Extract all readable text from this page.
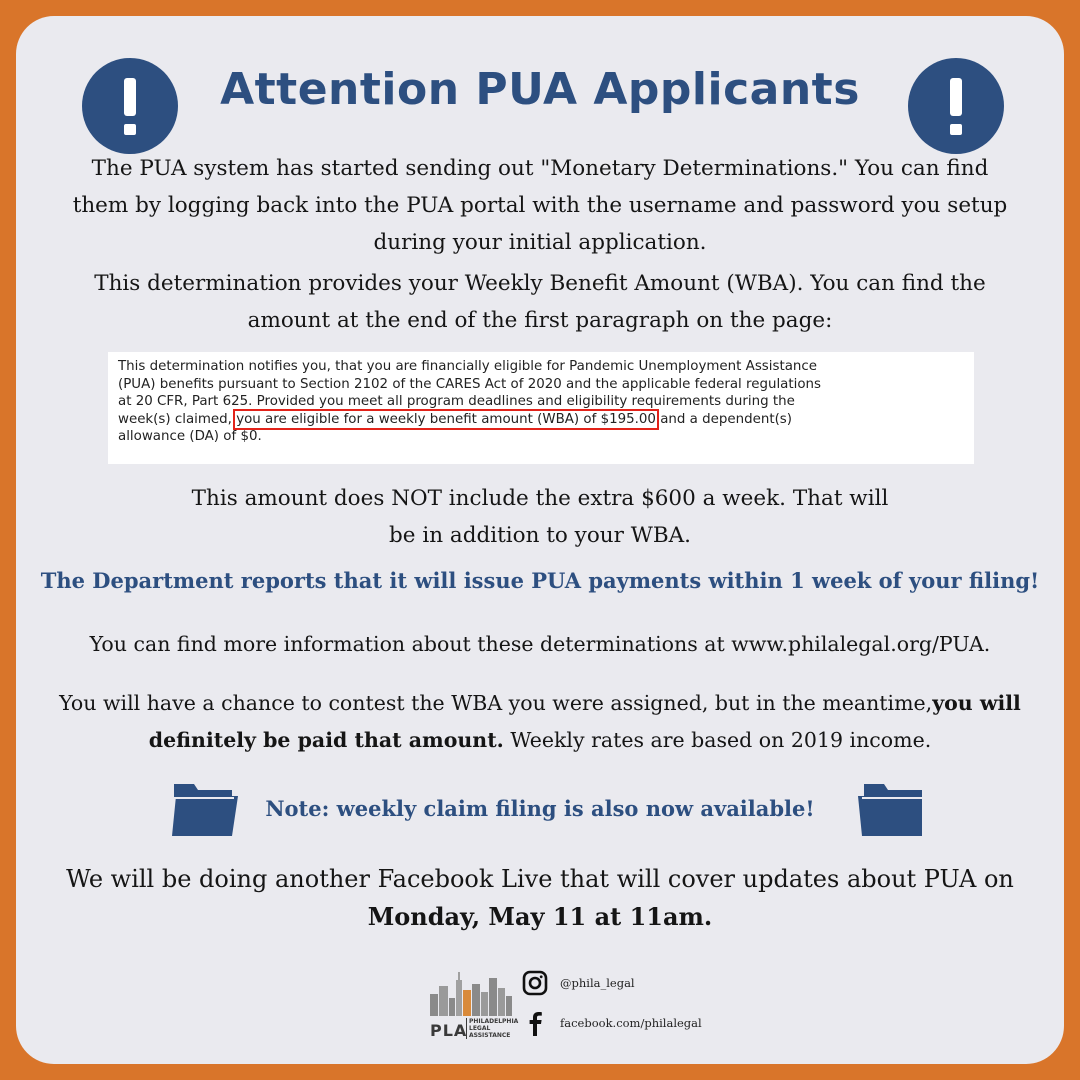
Attention PUA Applicants
The PUA system has started sending out "Monetary Determinations." You can find
them by logging back into the PUA portal with the username and password you setup
during your initial application.
This determination provides your Weekly Benefit Amount (WBA). You can find the
amount at the end of the first paragraph on the page:
This determination notifies you, that you are financially eligible for Pandemic Unemployment Assistance
(PUA) benefits pursuant to Section 2102 of the CARES Act of 2020 and the applicable federal regulations
at 20 CFR, Part 625. Provided you meet all program deadlines and eligibility requirements during the
week(s) claimed, you are eligible for a weekly benefit amount (WBA) of $195.00 and a dependent(s)
allowance (DA) of $0.
This amount does NOT include the extra $600 a week. That will
be in addition to your WBA.
The Department reports that it will issue PUA payments within 1 week of your filing!
You can find more information about these determinations at www.philalegal.org/PUA.
You will have a chance to contest the WBA you were assigned, but in the meantime,you will definitely be paid that amount. Weekly rates are based on 2019 income.
Note: weekly claim filing is also now available!
We will be doing another Facebook Live that will cover updates about PUA on
Monday, May 11 at 11am.
PLA PHILADELPHIA LEGAL ASSISTANCE
@phila_legal
facebook.com/philalegal
